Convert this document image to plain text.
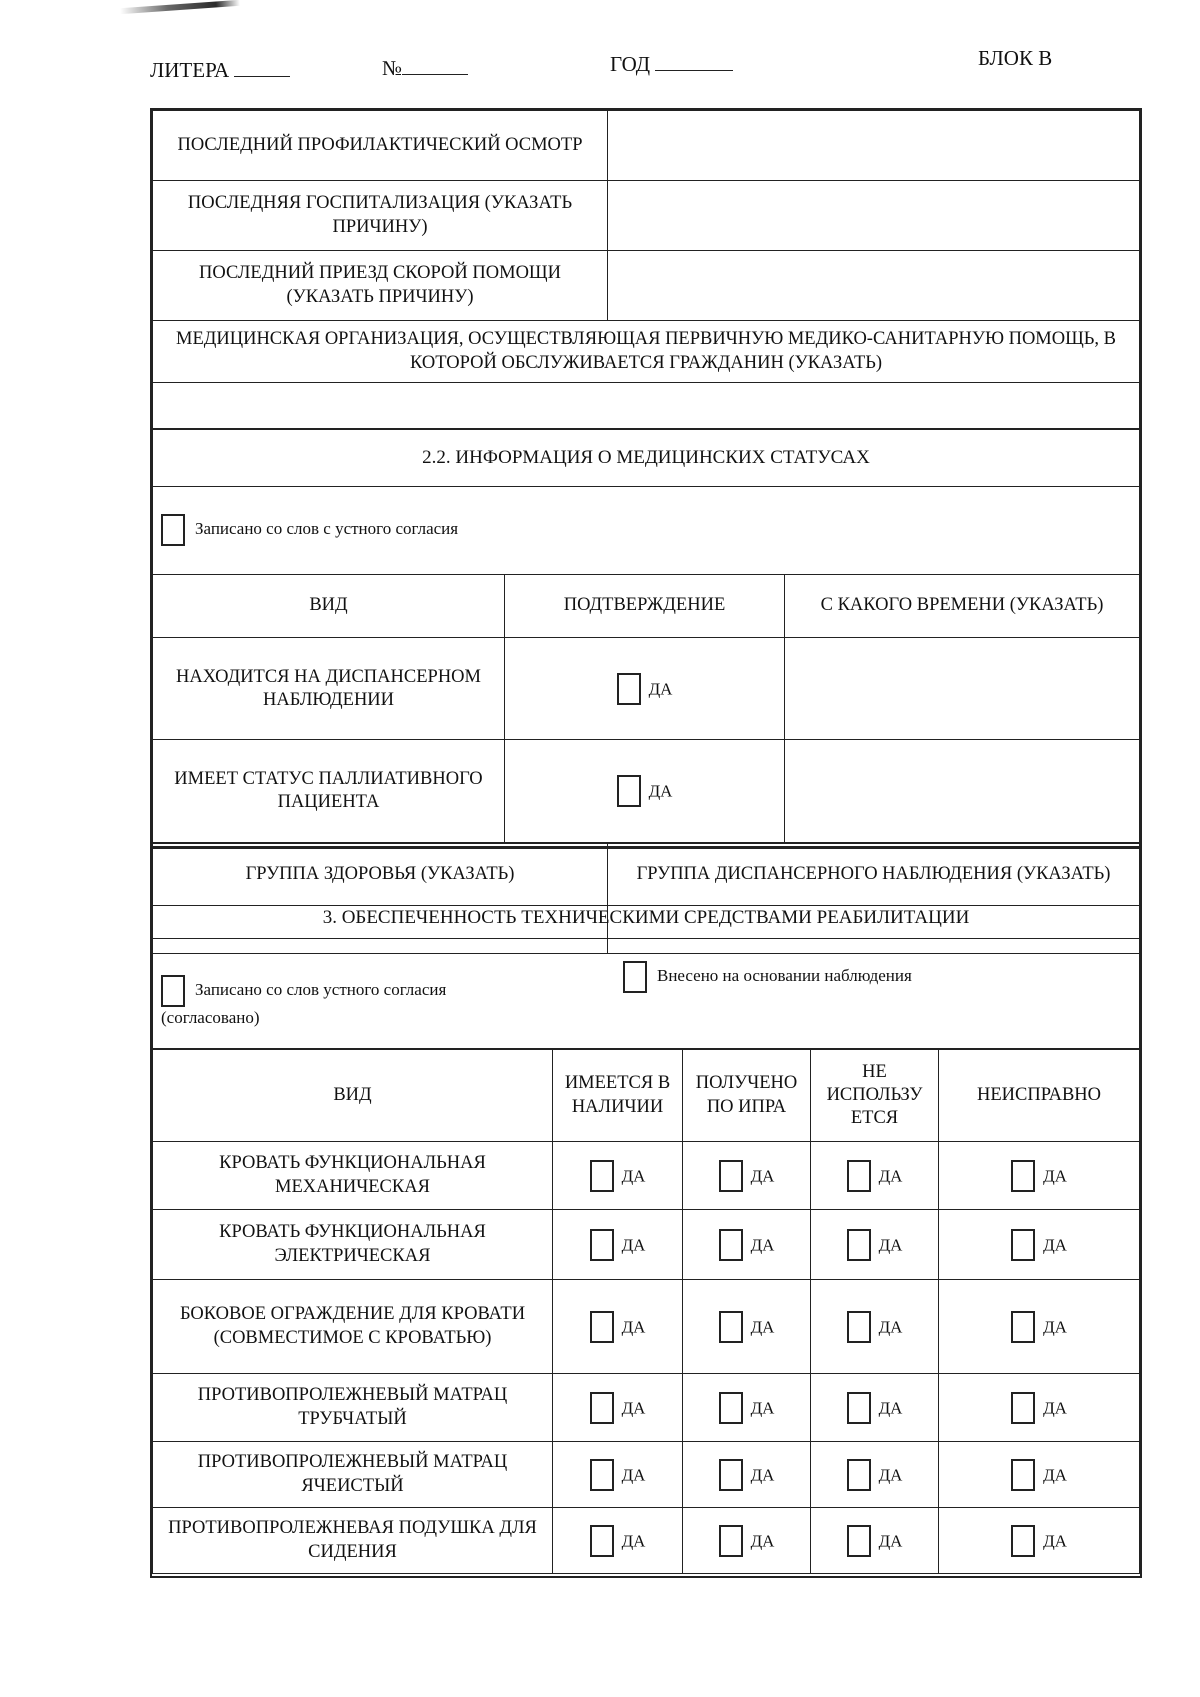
ЛИТЕРА	№	ГОД	БЛОК В
ПОСЛЕДНИЙ ПРОФИЛАКТИЧЕСКИЙ ОСМОТР	
ПОСЛЕДНЯЯ ГОСПИТАЛИЗАЦИЯ (УКАЗАТЬ ПРИЧИНУ)	
ПОСЛЕДНИЙ ПРИЕЗД СКОРОЙ ПОМОЩИ (УКАЗАТЬ ПРИЧИНУ)	
МЕДИЦИНСКАЯ ОРГАНИЗАЦИЯ, ОСУЩЕСТВЛЯЮЩАЯ ПЕРВИЧНУЮ МЕДИКО-САНИТАРНУЮ ПОМОЩЬ, В КОТОРОЙ ОБСЛУЖИВАЕТСЯ ГРАЖДАНИН (УКАЗАТЬ)	

2.2. ИНФОРМАЦИЯ О МЕДИЦИНСКИХ СТАТУСАХ		
Записано со слов с устного согласия		
ВИД	ПОДТВЕРЖДЕНИЕ	С КАКОГО ВРЕМЕНИ (УКАЗАТЬ)
НАХОДИТСЯ НА ДИСПАНСЕРНОМ НАБЛЮДЕНИИ	ДА	
ИМЕЕТ СТАТУС ПАЛЛИАТИВНОГО ПАЦИЕНТА	ДА	
ГРУППА ЗДОРОВЬЯ (УКАЗАТЬ)	ГРУППА ДИСПАНСЕРНОГО НАБЛЮДЕНИЯ (УКАЗАТЬ)

3. ОБЕСПЕЧЕННОСТЬ ТЕХНИЧЕСКИМИ СРЕДСТВАМИ РЕАБИЛИТАЦИИ

Записано со слов устного согласия
(согласовано)
Внесено на основании наблюдения
ВИД	ИМЕЕТСЯ В НАЛИЧИИ	ПОЛУЧЕНО ПО ИПРА	НЕ ИСПОЛЬЗУ ЕТСЯ	НЕИСПРАВНО
КРОВАТЬ ФУНКЦИОНАЛЬНАЯ МЕХАНИЧЕСКАЯ	ДА	ДА	ДА	ДА
КРОВАТЬ ФУНКЦИОНАЛЬНАЯ ЭЛЕКТРИЧЕСКАЯ	ДА	ДА	ДА	ДА
БОКОВОЕ ОГРАЖДЕНИЕ ДЛЯ КРОВАТИ (СОВМЕСТИМОЕ С КРОВАТЬЮ)	ДА	ДА	ДА	ДА
ПРОТИВОПРОЛЕЖНЕВЫЙ МАТРАЦ ТРУБЧАТЫЙ	ДА	ДА	ДА	ДА
ПРОТИВОПРОЛЕЖНЕВЫЙ МАТРАЦ ЯЧЕИСТЫЙ	ДА	ДА	ДА	ДА
ПРОТИВОПРОЛЕЖНЕВАЯ ПОДУШКА ДЛЯ СИДЕНИЯ	ДА	ДА	ДА	ДА
